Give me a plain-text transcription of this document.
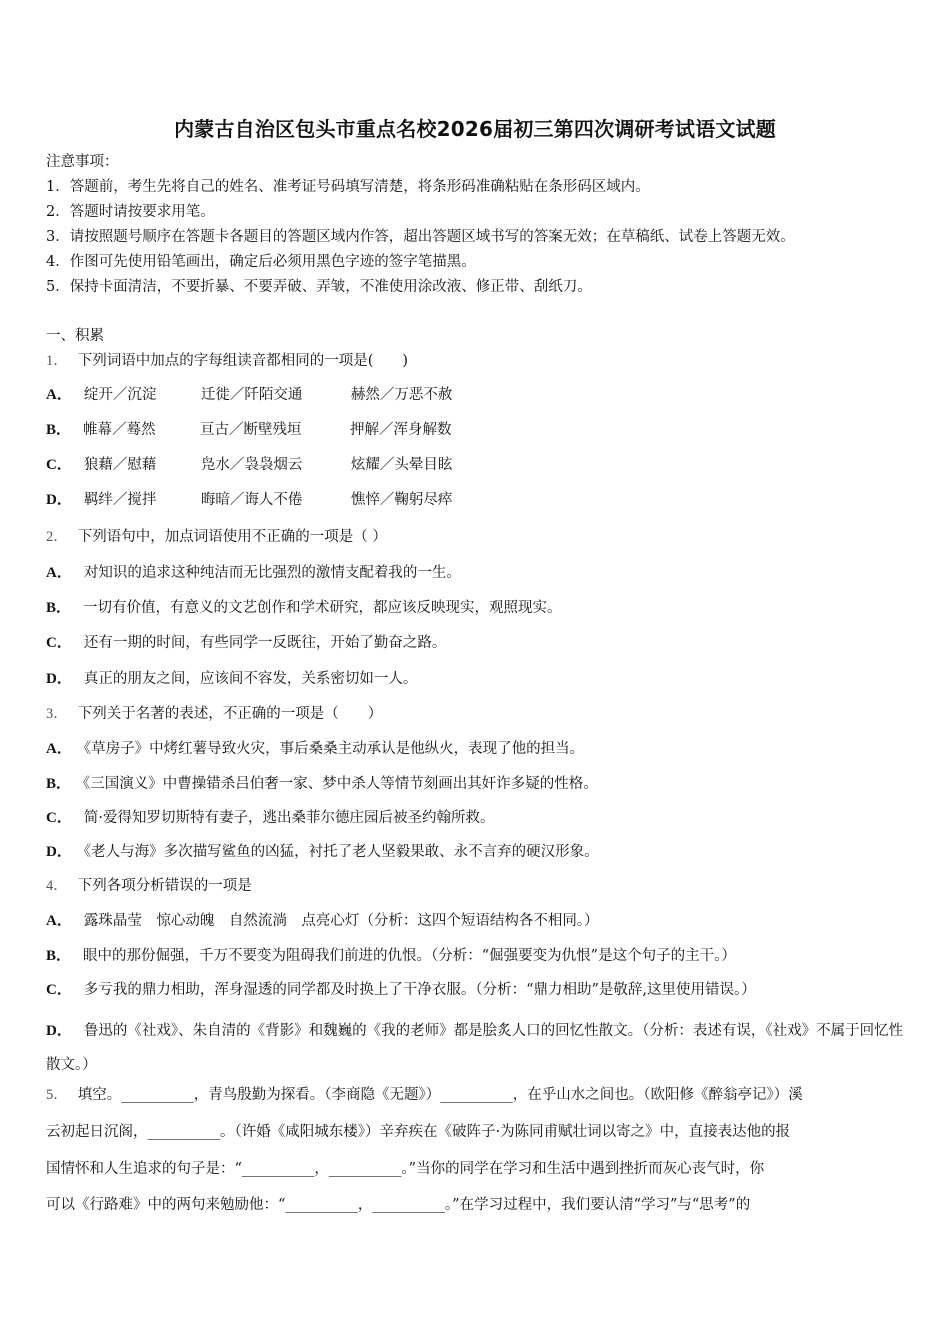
内蒙古自治区包头市重点名校2026届初三第四次调研考试语文试题
注意事项：
1．答题前，考生先将自己的姓名、准考证号码填写清楚，将条形码准确粘贴在条形码区域内。
2．答题时请按要求用笔。
3．请按照题号顺序在答题卡各题目的答题区域内作答，超出答题区域书写的答案无效；在草稿纸、试卷上答题无效。
4．作图可先使用铅笔画出，确定后必须用黑色字迹的签字笔描黑。
5．保持卡面清洁，不要折暴、不要弄破、弄皱，不准使用涂改液、修正带、刮纸刀。
一、积累
1． 下列词语中加点的字每组读音都相同的一项是(　　)
A． 绽开／沉淀	迁徙／阡陌交通	赫然／万恶不赦
B． 帷幕／蓦然	亘古／断壁残垣	押解／浑身解数
C． 狼藉／慰藉	凫水／袅袅烟云	炫耀／头晕目眩
D． 羁绊／搅拌	晦暗／诲人不倦	憔悴／鞠躬尽瘁
2． 下列语句中，加点词语使用不正确的一项是（ ）
A． 对知识的追求这种纯洁而无比强烈的激情支配着我的一生。
B． 一切有价值，有意义的文艺创作和学术研究，都应该反映现实，观照现实。
C． 还有一期的时间，有些同学一反既往，开始了勤奋之路。
D． 真正的朋友之间，应该间不容发，关系密切如一人。
3． 下列关于名著的表述，不正确的一项是（　　）
A． 《草房子》中烤红薯导致火灾，事后桑桑主动承认是他纵火，表现了他的担当。
B． 《三国演义》中曹操错杀吕伯奢一家、梦中杀人等情节刻画出其奸诈多疑的性格。
C． 简·爱得知罗切斯特有妻子，逃出桑菲尔德庄园后被圣约翰所救。
D． 《老人与海》多次描写鲨鱼的凶猛，衬托了老人坚毅果敢、永不言弃的硬汉形象。
4． 下列各项分析错误的一项是
A． 露珠晶莹　惊心动魄　自然流淌　点亮心灯（分析：这四个短语结构各不相同。）
B． 眼中的那份倔强，千万不要变为阻碍我们前进的仇恨。（分析：“倔强要变为仇恨”是这个句子的主干。）
C． 多亏我的鼎力相助，浑身湿透的同学都及时换上了干净衣服。（分析：“鼎力相助”是敬辞,这里使用错误。）
D． 鲁迅的《社戏》、朱自清的《背影》和魏巍的《我的老师》都是脍炙人口的回忆性散文。（分析：表述有误，《社戏》不属于回忆性散文。）
5． 填空。__________，青鸟殷勤为探看。（李商隐《无题》）__________，在乎山水之间也。（欧阳修《醉翁亭记》）溪
云初起日沉阁，__________。（许婚《咸阳城东楼》）辛弃疾在《破阵子·为陈同甫赋壮词以寄之》中，直接表达他的报
国情怀和人生追求的句子是：“__________，__________。”当你的同学在学习和生活中遇到挫折而灰心丧气时，你
可以《行路难》中的两句来勉励他：“__________，__________。”在学习过程中，我们要认清“学习”与“思考”的
